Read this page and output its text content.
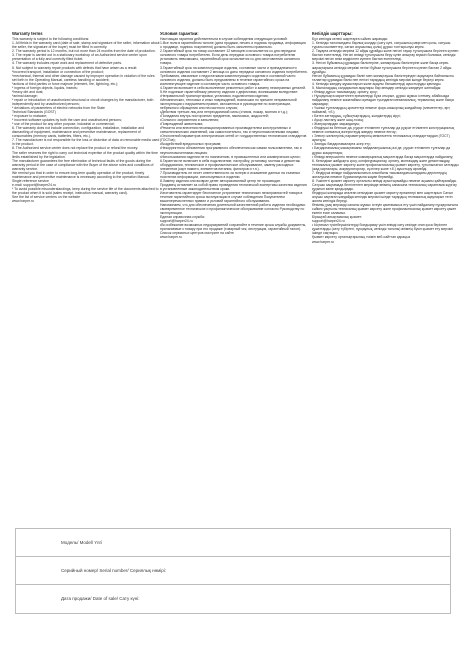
Warranty terms

This warranty is subject to the following conditions:

1. All fields in the warranty card (date of sale, stamp and signature of the seller, information about the seller, the signature of the buyer) must be filled in correctly.

2. The warranty period is 12 months, but not more than 24 months from the date of production.

3. The repair is carried out in a stationary workshop of an Authorized service center upon presentation of a fully and correctly filled ticket.

4. The warranty includes repair work and replacement of defective parts.

5. Not subject to warranty repair products with defects that have arisen as a result:

*incorrect transport, installation or connection of the product;

*mechanical, thermal and other damage caused by improper operation in violation of the rules set forth in the Operating Manual, careless handling or accident;

*actions of third parties or force majeure (element, fire, lightning, etc.);

* ingress of foreign objects, liquids, insects;

*heavy dirt and dust;

*animal damage;

* repair or introduction of unauthorized structural or circuit changes by the manufacturer, both independently and by unauthorized persons;

* deviations of parameters of electric networks from the State

Technical Standards (GOST)

* exposure to malware;

* incorrect software updates by both the user and unauthorized persons;

* use of the product for any other purpose, industrial or commercial;

6. The warranty does not include connection, configuration, installation, installation and dismantling of equipment, maintenance and preventive maintenance, replacement of consumables (memory cards, batteries, filters, etc.).

7. The manufacturer is not responsible for the loss or distortion of data on removable media used in the product.

8. The Authorized service center does not replace the product or refund the money.

The seller reserves the right to carry out technical expertise of the product quality within the time limits established by the legislation.

The manufacturer guarantees the free elimination of technical faults of the goods during the warranty period in the case of compliance with the Buyer of the above rules and conditions of warranty service.

We remind you that in order to ensure long-term quality operation of the product, timely maintenance and preventive maintenance is necessary according to the operation Manual.

Single reference service

e-mail: support@harper24.ru

* To avoid possible misunderstandings, keep during the service life of the documents attached to the product when it is sold (sales receipt, instruction manual, warranty card).

See the list of service centers on the website

www.harper.ru

Условия гарантии:

Настоящая гарантия действительна в случае соблюдения следующих условий:

1.Все поля в гарантийном талоне (дата продажи, печать и подпись продавца, информация о продавце, подпись покупателя) должны быть заполнены правильно.

2.Гарантийный срок на товар составляет 12 месяцев и исчисляется со дня передачи основного товара потребителю. Если день передачи основного товара потребителю установить невозможно, гарантийный срок исчисляется со дня изготовления основного товара.

3.Гарантийный срок на комплектующие изделия, составные части и принадлежности основного изделия составляет 2 месяца со даты передачи основного изделия потребителю.

Требования, связанные с недостатками комплектующего изделия и составной части основного изделия, должны быть предъявлены в течение гарантийного срока на комплектующее изделие и составную часть основного товара.

4.Гарантия включает в себя выполнение ремонтных работ и замену неисправных деталей.

5.Не подлежат гарантийному ремонту изделия с дефектами, возникшими вследствие:

•Неправильной транспортировки, установки, подключения изделия;

•Механических, тепловых и иных повреждений, возникших по причине неправильной эксплуатации с нарушением правил, изложенных в руководстве по эксплуатации, небрежного обращения или несчастного случая;

•Действия третьих лиц или непреодолимой силы (стихия, пожар, молния и т.д.);

•Попадания внутрь посторонних предметов, насекомых, жидкостей;

•Сильного загрязнения и запыления;

•Повреждений животными;

•Ремонта или внесения несанкционированных производителем конструктивных и схемотехнических изменений, как самостоятельно, так и неуполномоченными лицами;

•Отклонений параметров электрических сетей от государственных технических стандартов (ГОСТов);

•Воздействий вредоносных программ;

•Некорректного обновления программного обеспечения как самим пользователем, так и неуполномоченными лицами;

•Использования изделия не по назначению, в промышленных или коммерческих целях;

6.Гарантия не включает в себя подключение, настройку, установку, монтаж и демонтаж оборудования, техническое и профилактическое обслуживание, замену расходных элементов (карт памяти, элементов питания, фильтров и т.п.).

7.Производитель не несет ответственности за потерю и искажение данных на съемных носителях информации, используемых в изделии.

8.Замену изделия или возврат денег авторизованный центр не производит.

Продавец оставляет за собой право проведения технической экспертизы качества изделия в установленные законодательством сроки.

Изготовитель гарантирует бесплатное устранение технических неисправностей товара в течение гарантийного срока эксплуатации в случае соблюдения Покупателем вышеперечисленных правил и условий гарантийного обслуживания.

Напоминаем, что для обеспечения длительной качественной работы изделия необходимо своевременное техническое и профилактическое обслуживание согласно Руководству по эксплуатации.

Единая справочная служба:

support@harper24.ru

•Во избежание возможных недоразумений сохраняйте в течение срока службы документы, прилагаемые к товару при его продаже (товарный чек, инструкция, гарантийный талон).

Список сервисных центров смотрите на сайте

www.harper.ru

Кепілдік шарттары:

Бұл кепілдік келесі шарттарға сәйкес жарамды:

1. Кепілдік талонындағы барлық жолдар (сату күні, сатушының мөрі мен қолы, сатушы туралы мәліметтер, сатып алушының қолы) дұрыс толтырылуы керек.

2. Тауарға кепілдік мерзімі 12 айды құрайды және негізгі тауар тұтынушыға берілген күннен бастап есептеледі. Негізгі өнімді тұтынушыға беру күнін анықтау мүмкін болмаса, кепілдік мерзімі негізгі өнім өндірілген күннен бастап есептеледі.

3. Негізгі бұйымның құрамдас бөліктеріне, жинақтаушы бөліктеріне және басқа керек-жарақтарына кепілдік мерзімі негізгі бұйым тұтынушыға берілген күннен бастап 2 айды құрайды.

Негізгі бұйымның құрамдас бөлігі мен жинақтаушы бөліктеріндегі ақауларға байланысты талаптар құрамдас бөлік пен негізгі тауардың кепілдік мерзімі ішінде берілуі керек.

4. Кепілдік жөндеу жұмыстарын және ақаулы бөлшектерді ауыстыруды қамтиды.

5. Мыналардың салдарынан ақаулары бар өнімдер кепілдік жөндеуге жатпайды:

• Өнімді дұрыс тасымалдау, орнату, қосу;

• Нұсқаулықта көрсетілген ережелерді бұза отырып, дұрыс жұмыс істемеу, абайсызда пайдалану немесе жазатайым оқиғадан туындаған механикалық, термиялық және басқа зақымдар;

• Үшінші тұлғалардың әрекеттері немесе форс-мажорлық жағдайлар (элементтер, өрт, найзағай, т.б.);

• Бөтен заттардың, сұйықтықтардың, жәндіктердің кіруі;

• Ауыр ластану және шаң-тозаң;

• Жануарлардан зақымдануы;

• Өндіруші өз бетінше да, рұқсат етілмеген тұлғалар да рұқсат етілмеген конструкциялық немесе схемалық өзгерістерді жөндеу немесе енгізу;

• Электр желілерінің параметрлерінің мемлекеттік техникалық стандарттардан (ГОСТ) ауытқуы;

• Зиянды бағдарламаларға әсер ету;

• Бағдарламалық жасақтаманы пайдаланушының өзі де, рұқсат етілмеген тұлғалар да дұрыс жаңартпауы;

• Өнімді өнеркәсіптік немесе коммерциялық мақсаттарда басқа мақсаттарда пайдалану;

6. Кепілдікке жабдықты қосу, конфигурациялау, орнату, монтаждау және демонтаждау, техникалық қызмет көрсету және профилактикалық қызмет көрсету, тұтынылатын заттарды (жад карталары, аккумуляторлар, сүзгілер және т.б.) ауыстыру кірмейді.

7. Өндіруші өнімде пайдаланылатын алынбалы тасымалдағыштардағы деректердің жоғалуына немесе бұрмалануына жауап бермейді.

8. Уәкілетті қызмет көрсету орталығы өнімді ауыстырмайды немесе ақшаны қайтармайды.

Сатушы заңнамада белгіленген мерзімде өнімнің сапасына техникалық сараптама жүргізу құқығын өзіне қалдырады.

Өндіруші жоғарыда аталған кепілдікке қызмет көрсету ережелері мен шарттарын Сатып алушы сақтаған жағдайда кепілдік мерзімі ішінде тауардың техникалық ақауларын тегін жоюға кепілдік береді.

Өнімнің ұзақ мерзімді сапалы жұмыс істеуін қамтамасыз ету үшін пайдалану нұсқаулығына сәйкес уақтылы техникалық қызмет көрсету және профилактикалық қызмет көрсету қажет екенін еске саламыз.

Бірыңғай анықтамалық қызмет:

support@harper24.ru

• Ықтимал түсінбеушіліктерді болдырмау үшін өнімді сату кезінде оған қоса берілген құжаттарды (сату түбіртегі, нұсқаулық, кепілдік талоны) өнімнің бүкіл қызмет ету мерзімі ішінде сақтаңыз.

Қызмет көрсету орталықтарының тізімін веб-сайттан қараңыз

www.harper.ru

Модель/ Model/ Үлгі
Серийный номер/ Serial number/ Сериялық нөмірі:
Дата продажи/ Date of sale/ Сату күні:
